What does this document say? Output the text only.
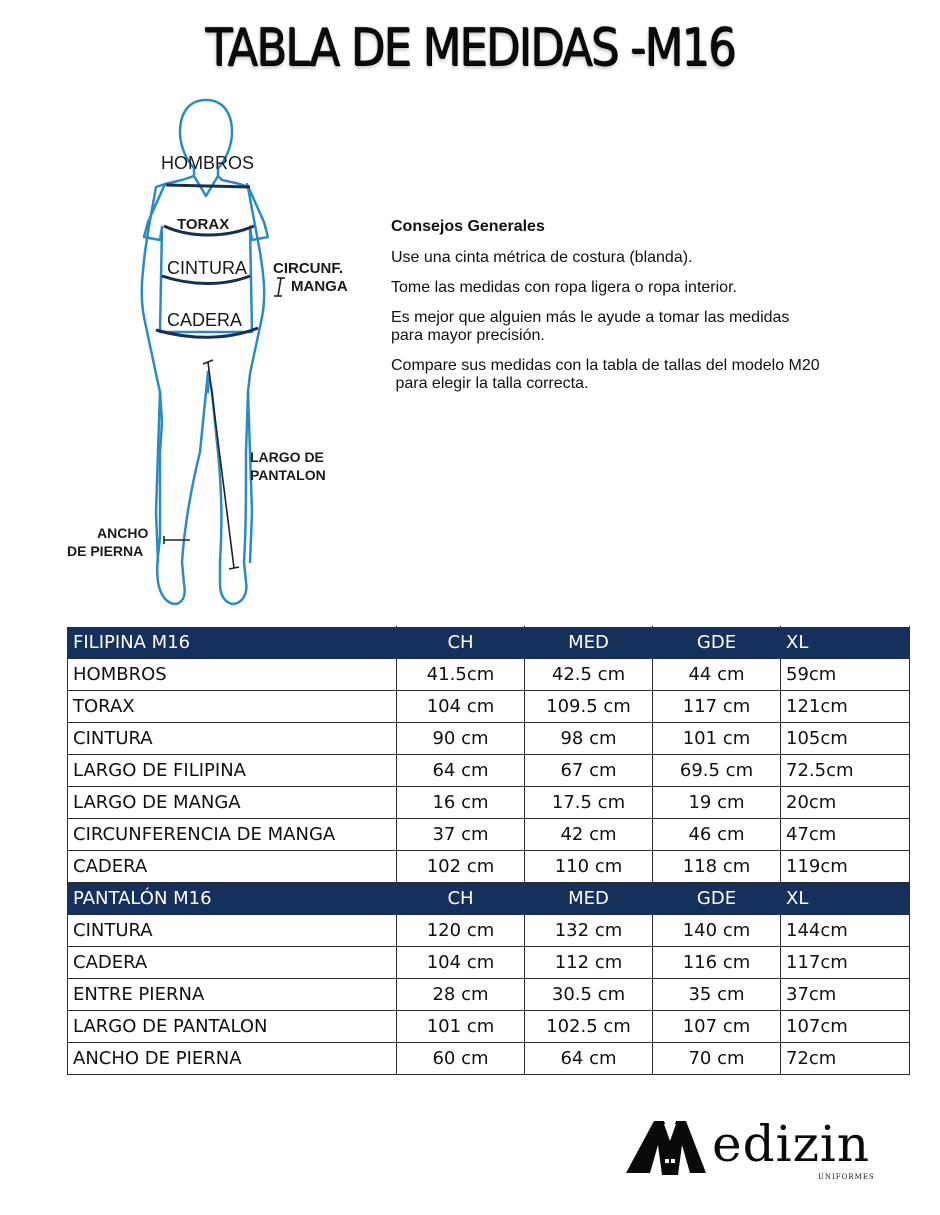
TABLA DE MEDIDAS -M16
HOMBROS
TORAX
CINTURA
CADERA
CIRCUNF.
MANGA
LARGO DE
PANTALON
ANCHO
DE PIERNA
Consejos Generales

Use una cinta métrica de costura (blanda).

Tome las medidas con ropa ligera o ropa interior.

Es mejor que alguien más le ayude a tomar las medidas

para mayor precisión.

Compare sus medidas con la tabla de tallas del modelo M20

para elegir la talla correcta.

FILIPINA M16	CH	MED	GDE	XL
HOMBROS	41.5cm	42.5 cm	44 cm	59cm
TORAX	104 cm	109.5 cm	117 cm	121cm
CINTURA	90 cm	98 cm	101 cm	105cm
LARGO DE FILIPINA	64 cm	67 cm	69.5 cm	72.5cm
LARGO DE MANGA	16 cm	17.5 cm	19 cm	20cm
CIRCUNFERENCIA DE MANGA	37 cm	42 cm	46 cm	47cm
CADERA	102 cm	110 cm	118 cm	119cm
PANTALÓN M16	CH	MED	GDE	XL
CINTURA	120 cm	132 cm	140 cm	144cm
CADERA	104 cm	112 cm	116 cm	117cm
ENTRE PIERNA	28 cm	30.5 cm	35 cm	37cm
LARGO DE PANTALON	101 cm	102.5 cm	107 cm	107cm
ANCHO DE PIERNA	60 cm	64 cm	70 cm	72cm
edizin
UNIFORMES
